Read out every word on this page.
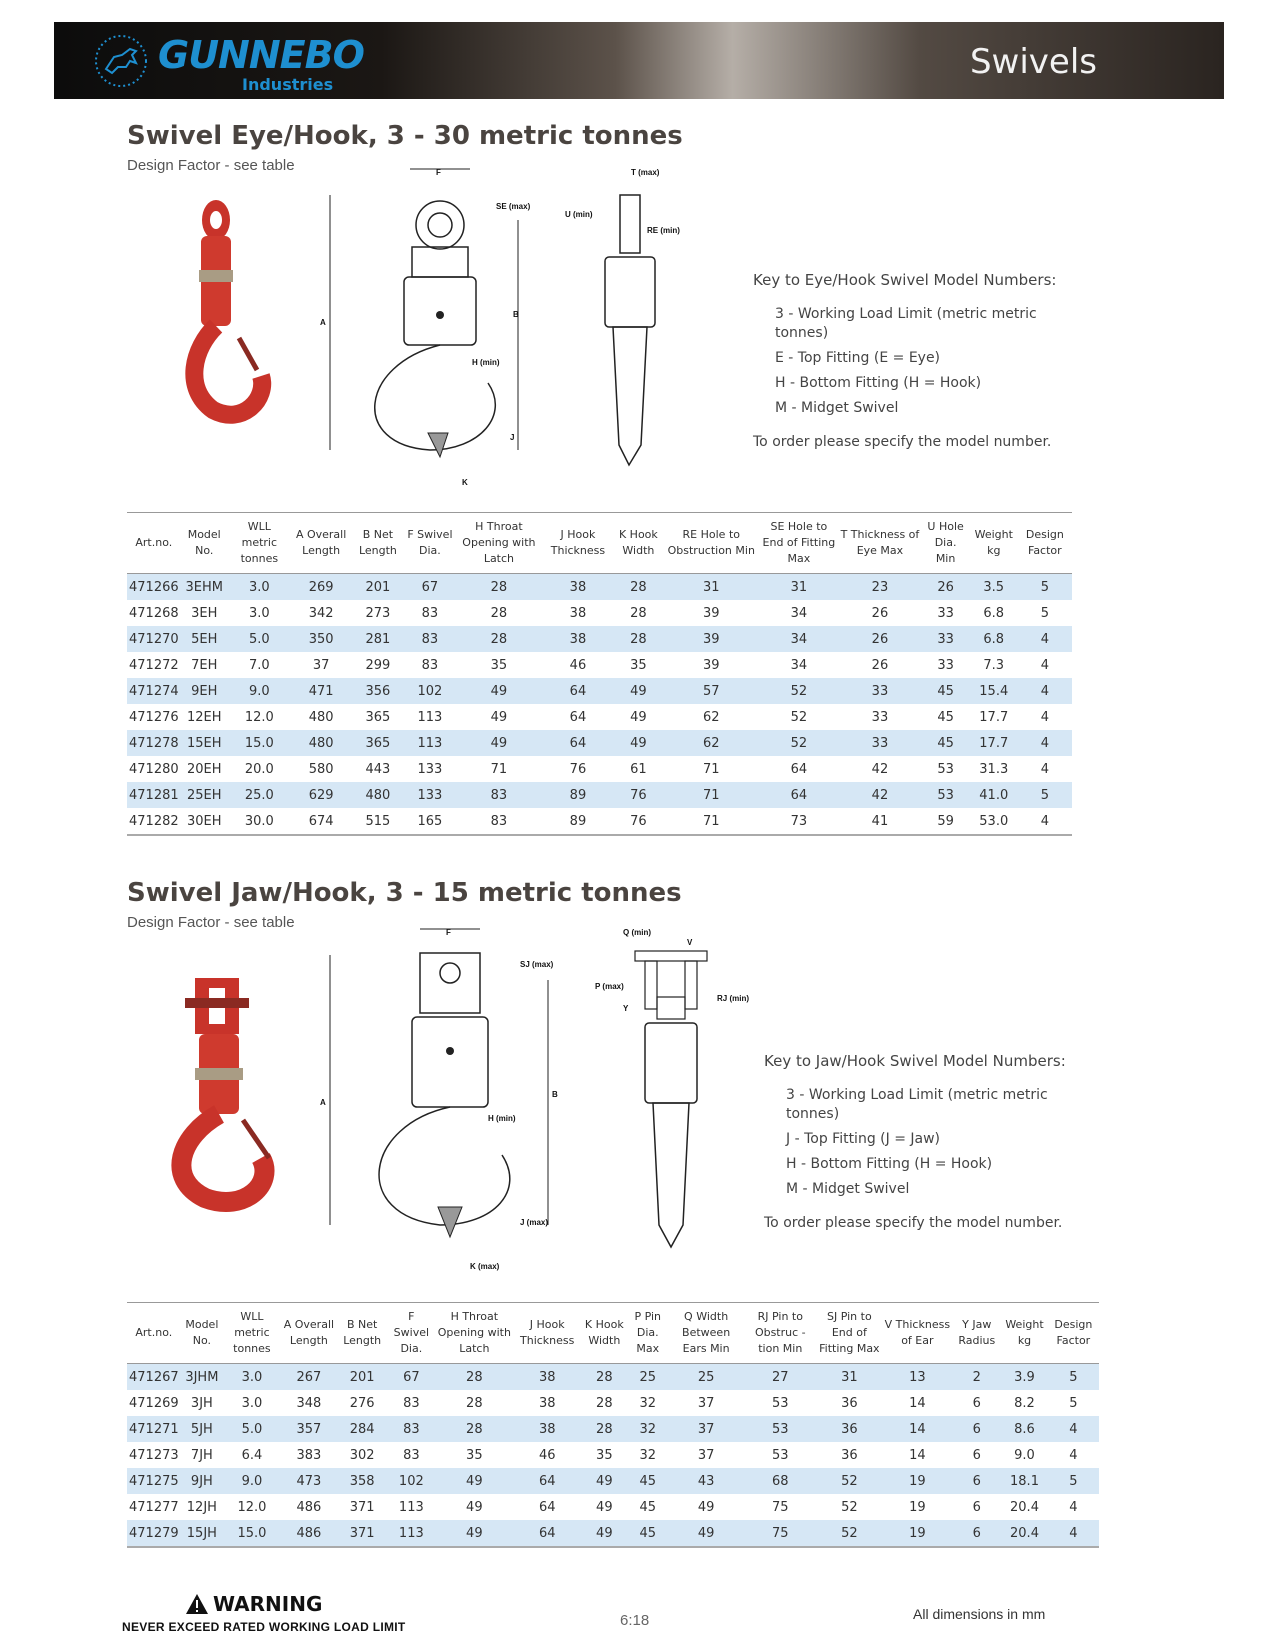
GUNNEBO
Industries
Swivels
Swivel Eye/Hook, 3 - 30 metric tonnes
Design Factor - see table	F
A
B
H (min)
J
K
SE (max)
T (max)
U (min)
RE (min)
Key to Eye/Hook Swivel Model Numbers:
3 - Working Load Limit (metric metric tonnes)
E - Top Fitting (E = Eye)
H - Bottom Fitting (H = Hook)
M - Midget Swivel
To order please specify the model number.
Art.no.	Model No.	WLL metric tonnes	A Overall Length	B Net Length	F Swivel Dia.	H Throat Opening with Latch	J Hook Thickness	K Hook Width	RE Hole to Obstruction Min	SE Hole to End of Fitting Max	T Thickness of Eye Max	U Hole Dia. Min	Weight kg	Design Factor
471266	3EHM	3.0	269	201	67	28	38	28	31	31	23	26	3.5	5
471268	3EH	3.0	342	273	83	28	38	28	39	34	26	33	6.8	5
471270	5EH	5.0	350	281	83	28	38	28	39	34	26	33	6.8	4
471272	7EH	7.0	37	299	83	35	46	35	39	34	26	33	7.3	4
471274	9EH	9.0	471	356	102	49	64	49	57	52	33	45	15.4	4
471276	12EH	12.0	480	365	113	49	64	49	62	52	33	45	17.7	4
471278	15EH	15.0	480	365	113	49	64	49	62	52	33	45	17.7	4
471280	20EH	20.0	580	443	133	71	76	61	71	64	42	53	31.3	4
471281	25EH	25.0	629	480	133	83	89	76	71	64	42	53	41.0	5
471282	30EH	30.0	674	515	165	83	89	76	71	73	41	59	53.0	4
Swivel Jaw/Hook, 3 - 15 metric tonnes
Design Factor - see table
F
A
B
H (min)
J (max)
K (max)
SJ (max)
Q (min)
V
P (max)
Y
RJ (min)
Key to Jaw/Hook Swivel Model Numbers:
3 - Working Load Limit (metric metric tonnes)
J - Top Fitting (J = Jaw)
H - Bottom Fitting (H = Hook)
M - Midget Swivel
To order please specify the model number.
Art.no.	Model No.	WLL metric tonnes	A Overall Length	B Net Length	F Swivel Dia.	H Throat Opening with Latch	J Hook Thickness	K Hook Width	P Pin Dia. Max	Q Width Between Ears Min	RJ Pin to Obstruc -tion Min	SJ Pin to End of Fitting Max	V Thickness of Ear	Y Jaw Radius	Weight kg	Design Factor
471267	3JHM	3.0	267	201	67	28	38	28	25	25	27	31	13	2	3.9	5
471269	3JH	3.0	348	276	83	28	38	28	32	37	53	36	14	6	8.2	5
471271	5JH	5.0	357	284	83	28	38	28	32	37	53	36	14	6	8.6	4
471273	7JH	6.4	383	302	83	35	46	35	32	37	53	36	14	6	9.0	4
471275	9JH	9.0	473	358	102	49	64	49	45	43	68	52	19	6	18.1	5
471277	12JH	12.0	486	371	113	49	64	49	45	49	75	52	19	6	20.4	4
471279	15JH	15.0	486	371	113	49	64	49	45	49	75	52	19	6	20.4	4
WARNING
NEVER EXCEED RATED WORKING LOAD LIMIT	6:18	All dimensions in mm
